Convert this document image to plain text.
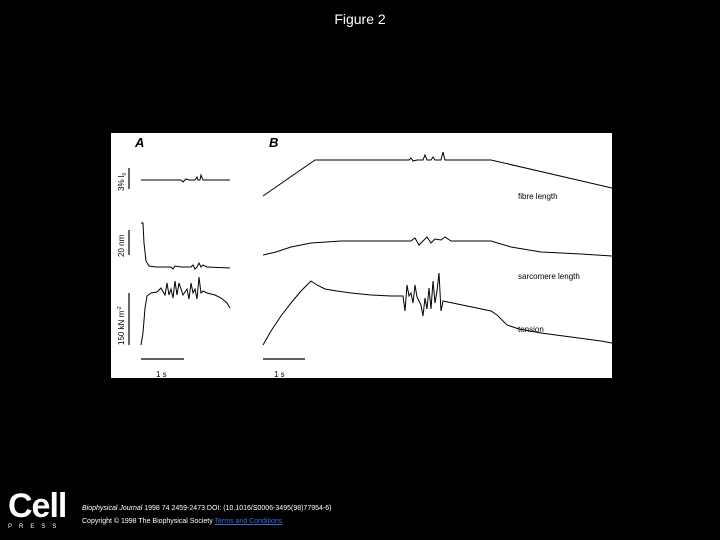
Figure 2
A	B
3% $l_0$
20 nm
150 kN $m^{-2}$
1 s	1 s
fibre length
sarcomere length
tension
Cell
PRESS
Biophysical Journal 1998 74 2459-2473 DOI: (10.1016/S0006-3495(98)77954-6)
Copyright © 1998 The Biophysical Society Terms and Conditions
